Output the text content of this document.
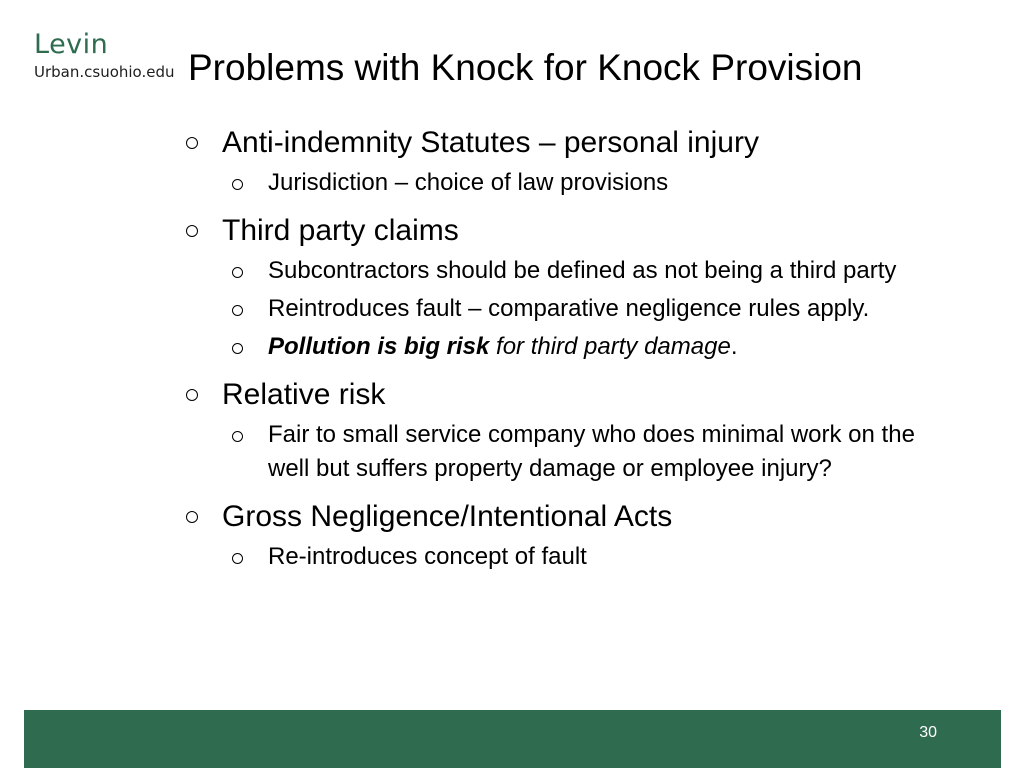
Levin
Urban.csuohio.edu Problems with Knock for Knock Provision
Anti-indemnity Statutes – personal injury
Jurisdiction – choice of law provisions
Third party claims
Subcontractors should be defined as not being a third party
Reintroduces fault – comparative negligence rules apply.
Pollution is big risk for third party damage.
Relative risk
Fair to small service company who does minimal work on the well but suffers property damage or employee injury?
Gross Negligence/Intentional Acts
Re-introduces concept of fault
30
